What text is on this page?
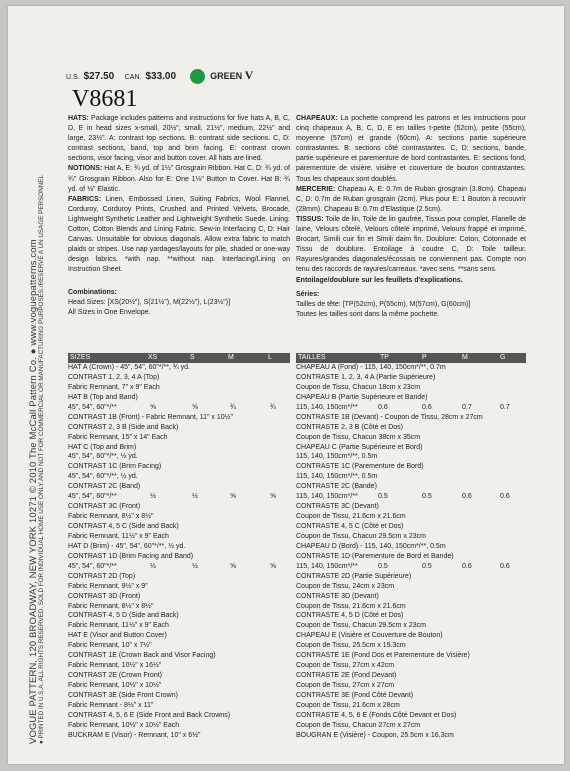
VOGUE PATTERN, 120 BROADWAY, NEW YORK 10271 © 2010 The McCall Pattern Co. ● www.voguepatterns.com ● PRINTED IN U.S.A. ALL RIGHTS RESERVED. SOLD FOR INDIVIDUAL HOME USE ONLY AND NOT FOR COMMERCIAL OR MANUFACTURING PURPOSES./RESERVÉ A UN USAGE PERSONNEL
U.S. $27.50 CAN. $33.00	GREEN V
V8681
HATS: Package includes patterns and instructions for five hats A, B, C, D, E in head sizes x-small, 20½", small, 21½", medium, 22½" and large, 23½". A: contrast top sections. B: contrast side sections. C, D: contrast sections, band, top and brim facing. E: contrast crown sections, visor facing, visor and button cover. All hats are lined.
NOTIONS: Hat A, E: ¾ yd. of 1½" Grosgrain Ribbon. Hat C, D: ¾ yd. of ¾" Grosgrain Ribbon. Also for E: One 1⅛" Button to Cover. Hat B: ¾ yd. of ⅛" Elastic.
FABRICS: Linen, Embossed Linen, Suiting Fabrics, Wool Flannel, Corduroy, Corduroy Prints, Crushed and Printed Velvets, Brocade, Lightweight Synthetic Leather and Lightweight Synthetic Suede. Lining: Cotton, Cotton Blends and Lining Fabric. Sew-in Interfacing C, D: Hair Canvas. Unsuitable for obvious diagonals. Allow extra fabric to match plaids or stripes. Use nap yardages/layouts for pile, shaded or one-way design fabrics. *with nap. **without nap. Interfacing/Lining on Instruction Sheet.
Combinations:
Head Sizes: [XS(20½"), S(21½"), M(22½"), L(23½")]
All Sizes in One Envelope.
CHAPEAUX: La pochette comprend les patrons et les instructions pour cinq chapeaux A, B, C, D, E en tailles t-petite (52cm), petite (55cm), moyenne (57cm) et grande (60cm). A: sections partie supérieure contrastantes. B: sections côté contrastantes. C, D: sections, bande, partie supérieure et parementure de bord contrastantes. E: sections fond, parementure de visière, visière et couverture de bouton contrastantes. Tous les chapeaux sont doublés.
MERCERIE: Chapeau A, E: 0.7m de Ruban grosgrain (3.8cm). Chapeau C, D: 0.7m de Ruban grosgrain (2cm). Plus pour E: 1 Bouton à recouvrir (28mm). Chapeau B: 0.7m d'Elastique (2.5cm).
TISSUS: Toile de lin, Toile de lin gaufrée, Tissus pour complet, Flanelle de laine, Velours côtelé, Velours côtelé imprimé, Velours frappé et imprimé, Brocart, Simili cuir fin et Simili daim fin. Doublure: Coton, Cotonnade et Tissu de doublure. Entoilage à coudre C, D: Toile tailleur. Rayures/grandes diagonales/écossais ne conviennent pas. Compte non tenu des raccords de rayures/carreaux. *avec sens. **sans sens.
Entoilage/doublure sur les feuillets d'explications.
Séries:
Tailles de tête: [TP(52cm), P(55cm), M(57cm), G(60cm)]
Toutes les tailles sont dans la même pochette.
SIZES	XS	S	M	L
HAT A (Crown) - 45", 54", 60"*/**, ¾ yd.
CONTRAST 1, 2, 3, 4 A (Top)
Fabric Remnant, 7" x 9" Each
HAT B (Top and Band)
45", 54", 60"*/**	⅝	⅝	¾	¾
CONTRAST 1B (Front) - Fabric Remnant, 11" x 10½"
CONTRAST 2, 3 B (Side and Back)
Fabric Remnant, 15" x 14" Each
HAT C (Top and Brim)
45", 54", 60"*/**, ½ yd.
CONTRAST 1C (Brim Facing)
45", 54", 60"*/**, ½ yd.
CONTRAST 2C (Band)
45", 54", 60"*/**	½	½	⅝	⅝
CONTRAST 3C (Front)
Fabric Remnant, 8½" x 8½"
CONTRAST 4, 5 C (Side and Back)
Fabric Remnant, 11½" x 9" Each
HAT D (Brim) - 45", 54", 60"*/**, ½ yd.
CONTRAST 1D (Brim Facing and Band)
45", 54", 60"*/**	½	½	⅝	⅝
CONTRAST 2D (Top)
Fabric Remnant, 9½" x 9"
CONTRAST 3D (Front)
Fabric Remnant, 8½" x 8½"
CONTRAST 4, 5 D (Side and Back)
Fabric Remnant, 11½" x 9" Each
HAT E (Visor and Button Cover)
Fabric Remnant, 10" x 7½"
CONTRAST 1E (Crown Back and Visor Facing)
Fabric Remnant, 10½" x 16½"
CONTRAST 2E (Crown Front)
Fabric Remnant, 10½" x 10½"
CONTRAST 3E (Side Front Crown)
Fabric Remnant - 8½" x 11"
CONTRAST 4, 5, 6 E (Side Front and Back Crowns)
Fabric Remnant, 10½" x 10½" Each
BUCKRAM E (Visor) - Remnant, 10" x 6½"
TAILLES	TP	P	M	G
CHAPEAU A (Fond) - 115, 140, 150cm*/**, 0.7m
CONTRASTE 1, 2, 3, 4 A (Partie Supérieure)
Coupon de Tissu, Chacun 18cm x 23cm
CHAPEAU B (Partie Supérieure et Bande)
115, 140, 150cm*/**	0.6	0.6	0.7	0.7
CONTRASTE 1B (Devant) - Coupon de Tissu, 28cm x 27cm
CONTRASTE 2, 3 B (Côté et Dos)
Coupon de Tissu, Chacun 38cm x 35cm
CHAPEAU C (Partie Supérieure et Bord)
115, 140, 150cm*/**, 0.5m
CONTRASTE 1C (Parementure de Bord)
115, 140, 150cm*/**, 0.5m
CONTRASTE 2C (Bande)
115, 140, 150cm*/**	0.5	0.5	0.6	0.6
CONTRASTE 3C (Devant)
Coupon de Tissu, 21.6cm x 21.6cm
CONTRASTE 4, 5 C (Côté et Dos)
Coupon de Tissu, Chacun 29.5cm x 23cm
CHAPEAU D (Bord) - 115, 140, 150cm*/**, 0.5m
CONTRASTE 1D (Parementure de Bord et Bande)
115, 140, 150cm*/**	0.5	0.5	0.6	0.6
CONTRASTE 2D (Partie Supérieure)
Coupon de Tissu, 24cm x 23cm
CONTRASTE 3D (Devant)
Coupon de Tissu, 21.6cm x 21.6cm
CONTRASTE 4, 5 D (Côté et Dos)
Coupon de Tissu, Chacun 29.5cm x 23cm
CHAPEAU E (Visière et Couverture de Bouton)
Coupon de Tissu, 25.5cm x 19.3cm
CONTRASTE 1E (Fond Dos et Parementure de Visière)
Coupon de Tissu, 27cm x 42cm
CONTRASTE 2E (Fond Devant)
Coupon de Tissu, 27cm x 27cm
CONTRASTE 3E (Fond Côté Devant)
Coupon de Tissu, 21.6cm x 28cm
CONTRASTE 4, 5, 6 E (Fonds Côté Devant et Dos)
Coupon de Tissu, Chacun 27cm x 27cm
BOUGRAN E (Visière) - Coupon, 25.5cm x 16.3cm
